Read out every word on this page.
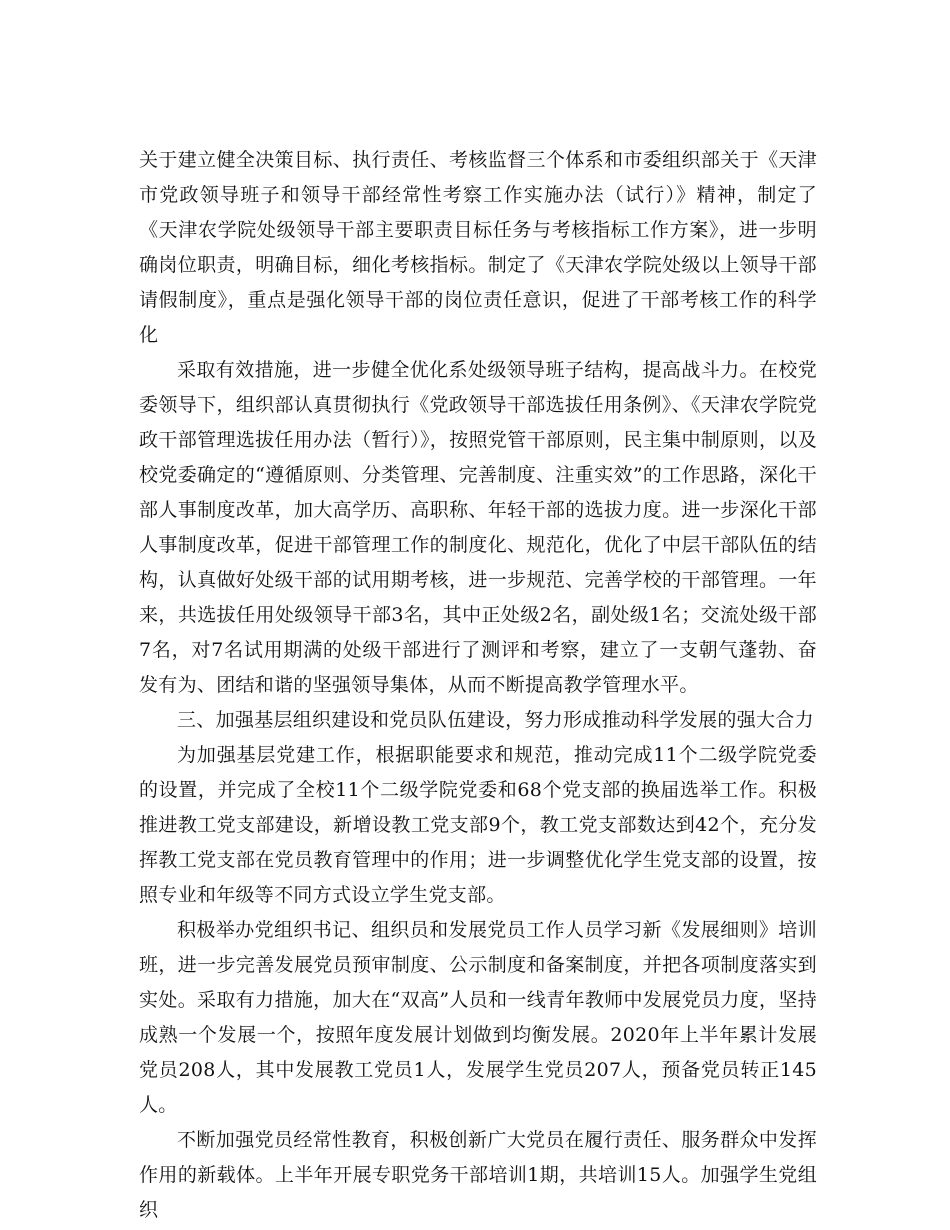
关于建立健全决策目标、执行责任、考核监督三个体系和市委组织部关于《天津市党政领导班子和领导干部经常性考察工作实施办法（试行）》精神，制定了《天津农学院处级领导干部主要职责目标任务与考核指标工作方案》，进一步明确岗位职责，明确目标，细化考核指标。制定了《天津农学院处级以上领导干部请假制度》，重点是强化领导干部的岗位责任意识，促进了干部考核工作的科学化

采取有效措施，进一步健全优化系处级领导班子结构，提高战斗力。在校党委领导下，组织部认真贯彻执行《党政领导干部选拔任用条例》、《天津农学院党政干部管理选拔任用办法（暂行）》，按照党管干部原则，民主集中制原则，以及校党委确定的“遵循原则、分类管理、完善制度、注重实效”的工作思路，深化干部人事制度改革，加大高学历、高职称、年轻干部的选拔力度。进一步深化干部人事制度改革，促进干部管理工作的制度化、规范化，优化了中层干部队伍的结构，认真做好处级干部的试用期考核，进一步规范、完善学校的干部管理。一年来，共选拔任用处级领导干部3名，其中正处级2名，副处级1名；交流处级干部7名，对7名试用期满的处级干部进行了测评和考察，建立了一支朝气蓬勃、奋发有为、团结和谐的坚强领导集体，从而不断提高教学管理水平。

三、加强基层组织建设和党员队伍建设，努力形成推动科学发展的强大合力

为加强基层党建工作，根据职能要求和规范，推动完成11个二级学院党委的设置，并完成了全校11个二级学院党委和68个党支部的换届选举工作。积极推进教工党支部建设，新增设教工党支部9个，教工党支部数达到42个，充分发挥教工党支部在党员教育管理中的作用；进一步调整优化学生党支部的设置，按照专业和年级等不同方式设立学生党支部。

积极举办党组织书记、组织员和发展党员工作人员学习新《发展细则》培训班，进一步完善发展党员预审制度、公示制度和备案制度，并把各项制度落实到实处。采取有力措施，加大在“双高”人员和一线青年教师中发展党员力度，坚持成熟一个发展一个，按照年度发展计划做到均衡发展。2020年上半年累计发展党员208人，其中发展教工党员1人，发展学生党员207人，预备党员转正145人。

不断加强党员经常性教育，积极创新广大党员在履行责任、服务群众中发挥作用的新载体。上半年开展专职党务干部培训1期，共培训15人。加强学生党组织
